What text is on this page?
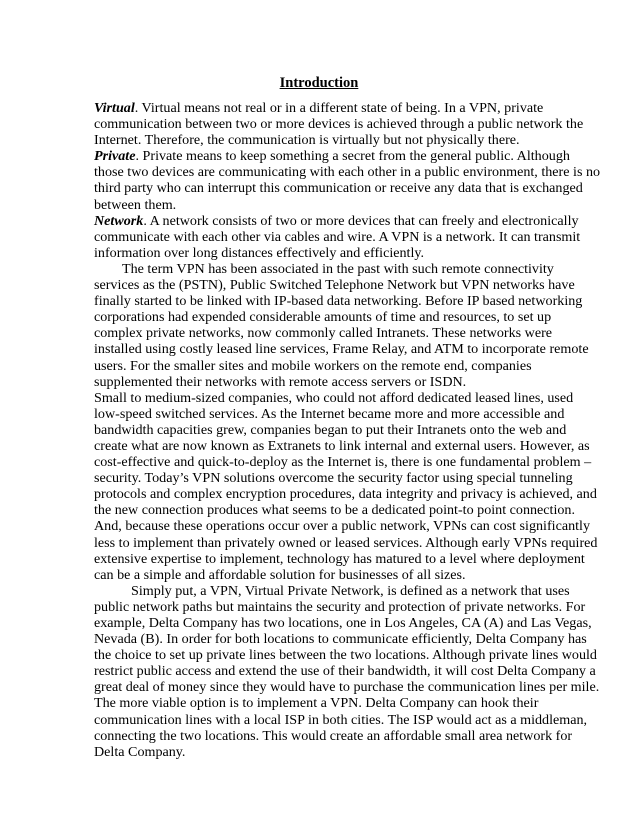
Introduction
Virtual. Virtual means not real or in a different state of being. In a VPN, private
communication between two or more devices is achieved through a public network the
Internet. Therefore, the communication is virtually but not physically there.
Private. Private means to keep something a secret from the general public. Although
those two devices are communicating with each other in a public environment, there is no
third party who can interrupt this communication or receive any data that is exchanged
between them.
Network. A network consists of two or more devices that can freely and electronically
communicate with each other via cables and wire. A VPN is a network. It can transmit
information over long distances effectively and efficiently.
The term VPN has been associated in the past with such remote connectivity
services as the (PSTN), Public Switched Telephone Network but VPN networks have
finally started to be linked with IP-based data networking. Before IP based networking
corporations had expended considerable amounts of time and resources, to set up
complex private networks, now commonly called Intranets. These networks were
installed using costly leased line services, Frame Relay, and ATM to incorporate remote
users. For the smaller sites and mobile workers on the remote end, companies
supplemented their networks with remote access servers or ISDN.
Small to medium-sized companies, who could not afford dedicated leased lines, used
low-speed switched services. As the Internet became more and more accessible and
bandwidth capacities grew, companies began to put their Intranets onto the web and
create what are now known as Extranets to link internal and external users. However, as
cost-effective and quick-to-deploy as the Internet is, there is one fundamental problem –
security. Today’s VPN solutions overcome the security factor using special tunneling
protocols and complex encryption procedures, data integrity and privacy is achieved, and
the new connection produces what seems to be a dedicated point-to point connection.
And, because these operations occur over a public network, VPNs can cost significantly
less to implement than privately owned or leased services. Although early VPNs required
extensive expertise to implement, technology has matured to a level where deployment
can be a simple and affordable solution for businesses of all sizes.
Simply put, a VPN, Virtual Private Network, is defined as a network that uses
public network paths but maintains the security and protection of private networks. For
example, Delta Company has two locations, one in Los Angeles, CA (A) and Las Vegas,
Nevada (B). In order for both locations to communicate efficiently, Delta Company has
the choice to set up private lines between the two locations. Although private lines would
restrict public access and extend the use of their bandwidth, it will cost Delta Company a
great deal of money since they would have to purchase the communication lines per mile.
The more viable option is to implement a VPN. Delta Company can hook their
communication lines with a local ISP in both cities. The ISP would act as a middleman,
connecting the two locations. This would create an affordable small area network for
Delta Company.
